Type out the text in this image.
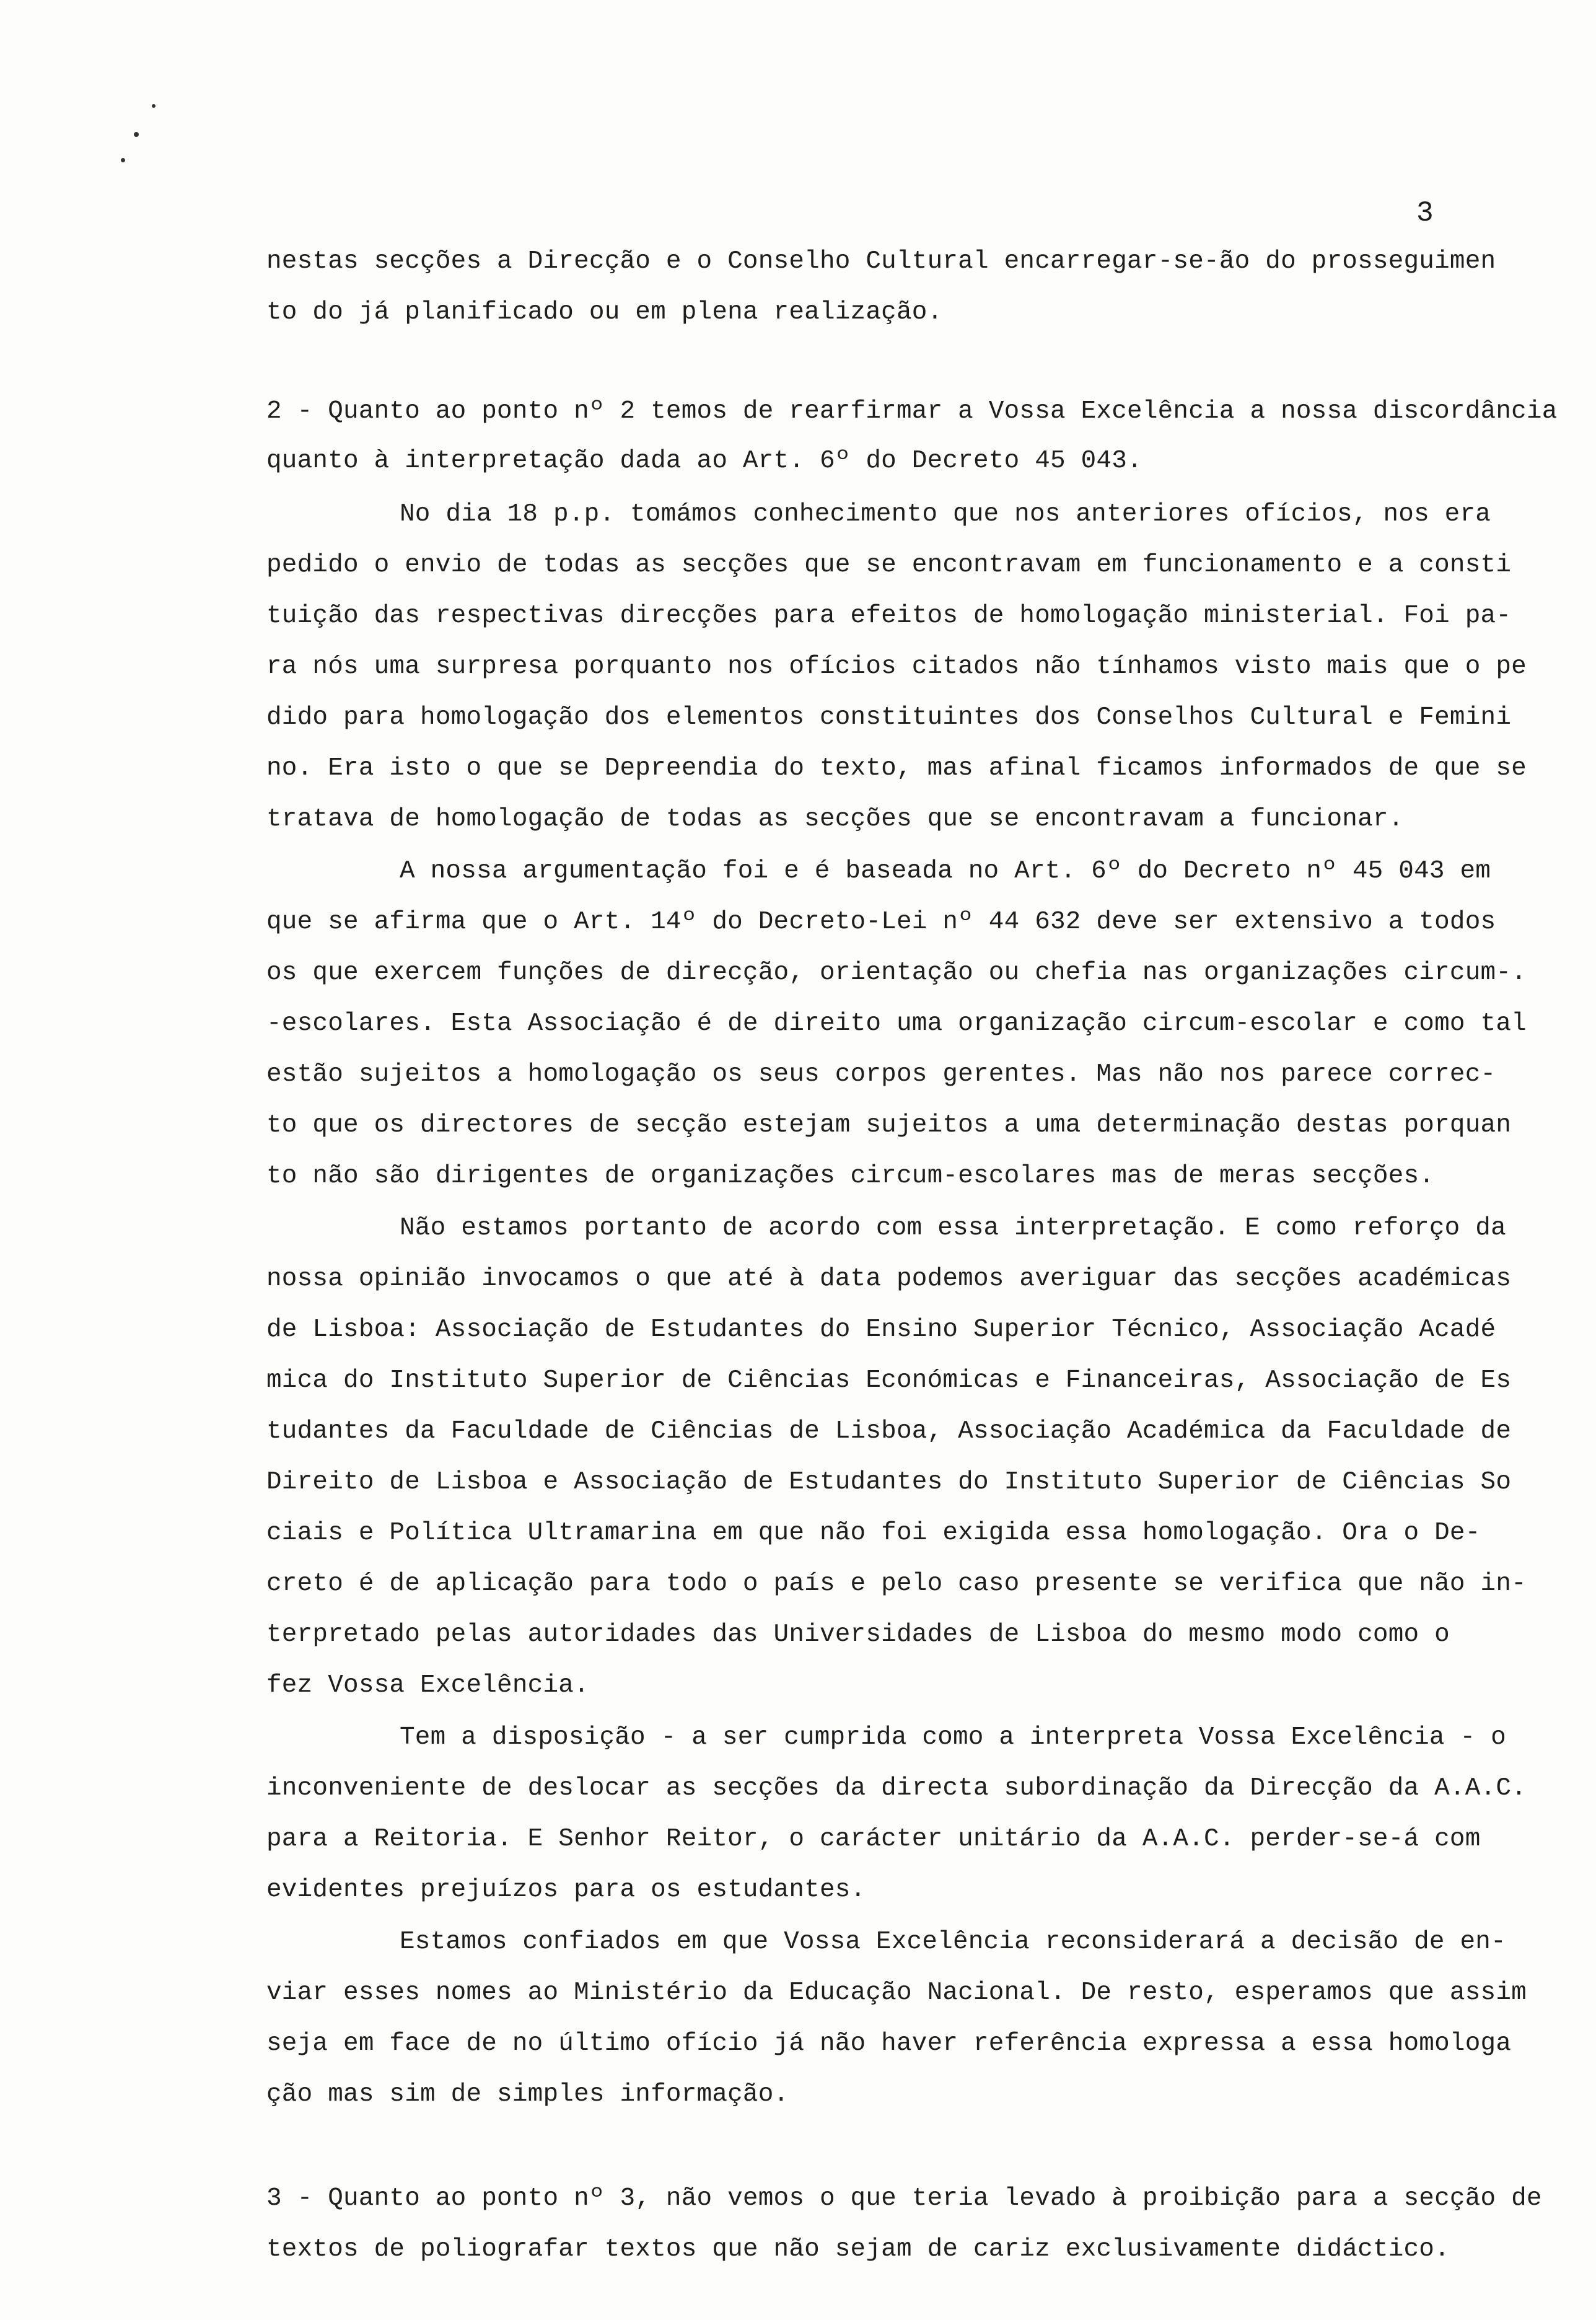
3
nestas secções a Direcção e o Conselho Cultural encarregar-se-ão do prosseguimen
to do já planificado ou em plena realização.
2 - Quanto ao ponto nº 2 temos de rearfirmar a Vossa Excelência a nossa discordância
quanto à interpretação dada ao Art. 6º do Decreto 45 043.
No dia 18 p.p. tomámos conhecimento que nos anteriores ofícios, nos era
pedido o envio de todas as secções que se encontravam em funcionamento e a consti
tuição das respectivas direcções para efeitos de homologação ministerial. Foi pa-
ra nós uma surpresa porquanto nos ofícios citados não tínhamos visto mais que o pe
dido para homologação dos elementos constituintes dos Conselhos Cultural e Femini
no. Era isto o que se Depreendia do texto, mas afinal ficamos informados de que se
tratava de homologação de todas as secções que se encontravam a funcionar.
A nossa argumentação foi e é baseada no Art. 6º do Decreto nº 45 043 em
que se afirma que o Art. 14º do Decreto-Lei nº 44 632 deve ser extensivo a todos
os que exercem funções de direcção, orientação ou chefia nas organizações circum-.
-escolares. Esta Associação é de direito uma organização circum-escolar e como tal
estão sujeitos a homologação os seus corpos gerentes. Mas não nos parece correc-
to que os directores de secção estejam sujeitos a uma determinação destas porquan
to não são dirigentes de organizações circum-escolares mas de meras secções.
Não estamos portanto de acordo com essa interpretação. E como reforço da
nossa opinião invocamos o que até à data podemos averiguar das secções académicas
de Lisboa: Associação de Estudantes do Ensino Superior Técnico, Associação Acadé
mica do Instituto Superior de Ciências Económicas e Financeiras, Associação de Es
tudantes da Faculdade de Ciências de Lisboa, Associação Académica da Faculdade de
Direito de Lisboa e Associação de Estudantes do Instituto Superior de Ciências So
ciais e Política Ultramarina em que não foi exigida essa homologação. Ora o De-
creto é de aplicação para todo o país e pelo caso presente se verifica que não in-
terpretado pelas autoridades das Universidades de Lisboa do mesmo modo como o
fez Vossa Excelência.
Tem a disposição - a ser cumprida como a interpreta Vossa Excelência - o
inconveniente de deslocar as secções da directa subordinação da Direcção da A.A.C.
para a Reitoria. E Senhor Reitor, o carácter unitário da A.A.C. perder-se-á com
evidentes prejuízos para os estudantes.
Estamos confiados em que Vossa Excelência reconsiderará a decisão de en-
viar esses nomes ao Ministério da Educação Nacional. De resto, esperamos que assim
seja em face de no último ofício já não haver referência expressa a essa homologa
ção mas sim de simples informação.
3 - Quanto ao ponto nº 3, não vemos o que teria levado à proibição para a secção de
textos de poliografar textos que não sejam de cariz exclusivamente didáctico.
